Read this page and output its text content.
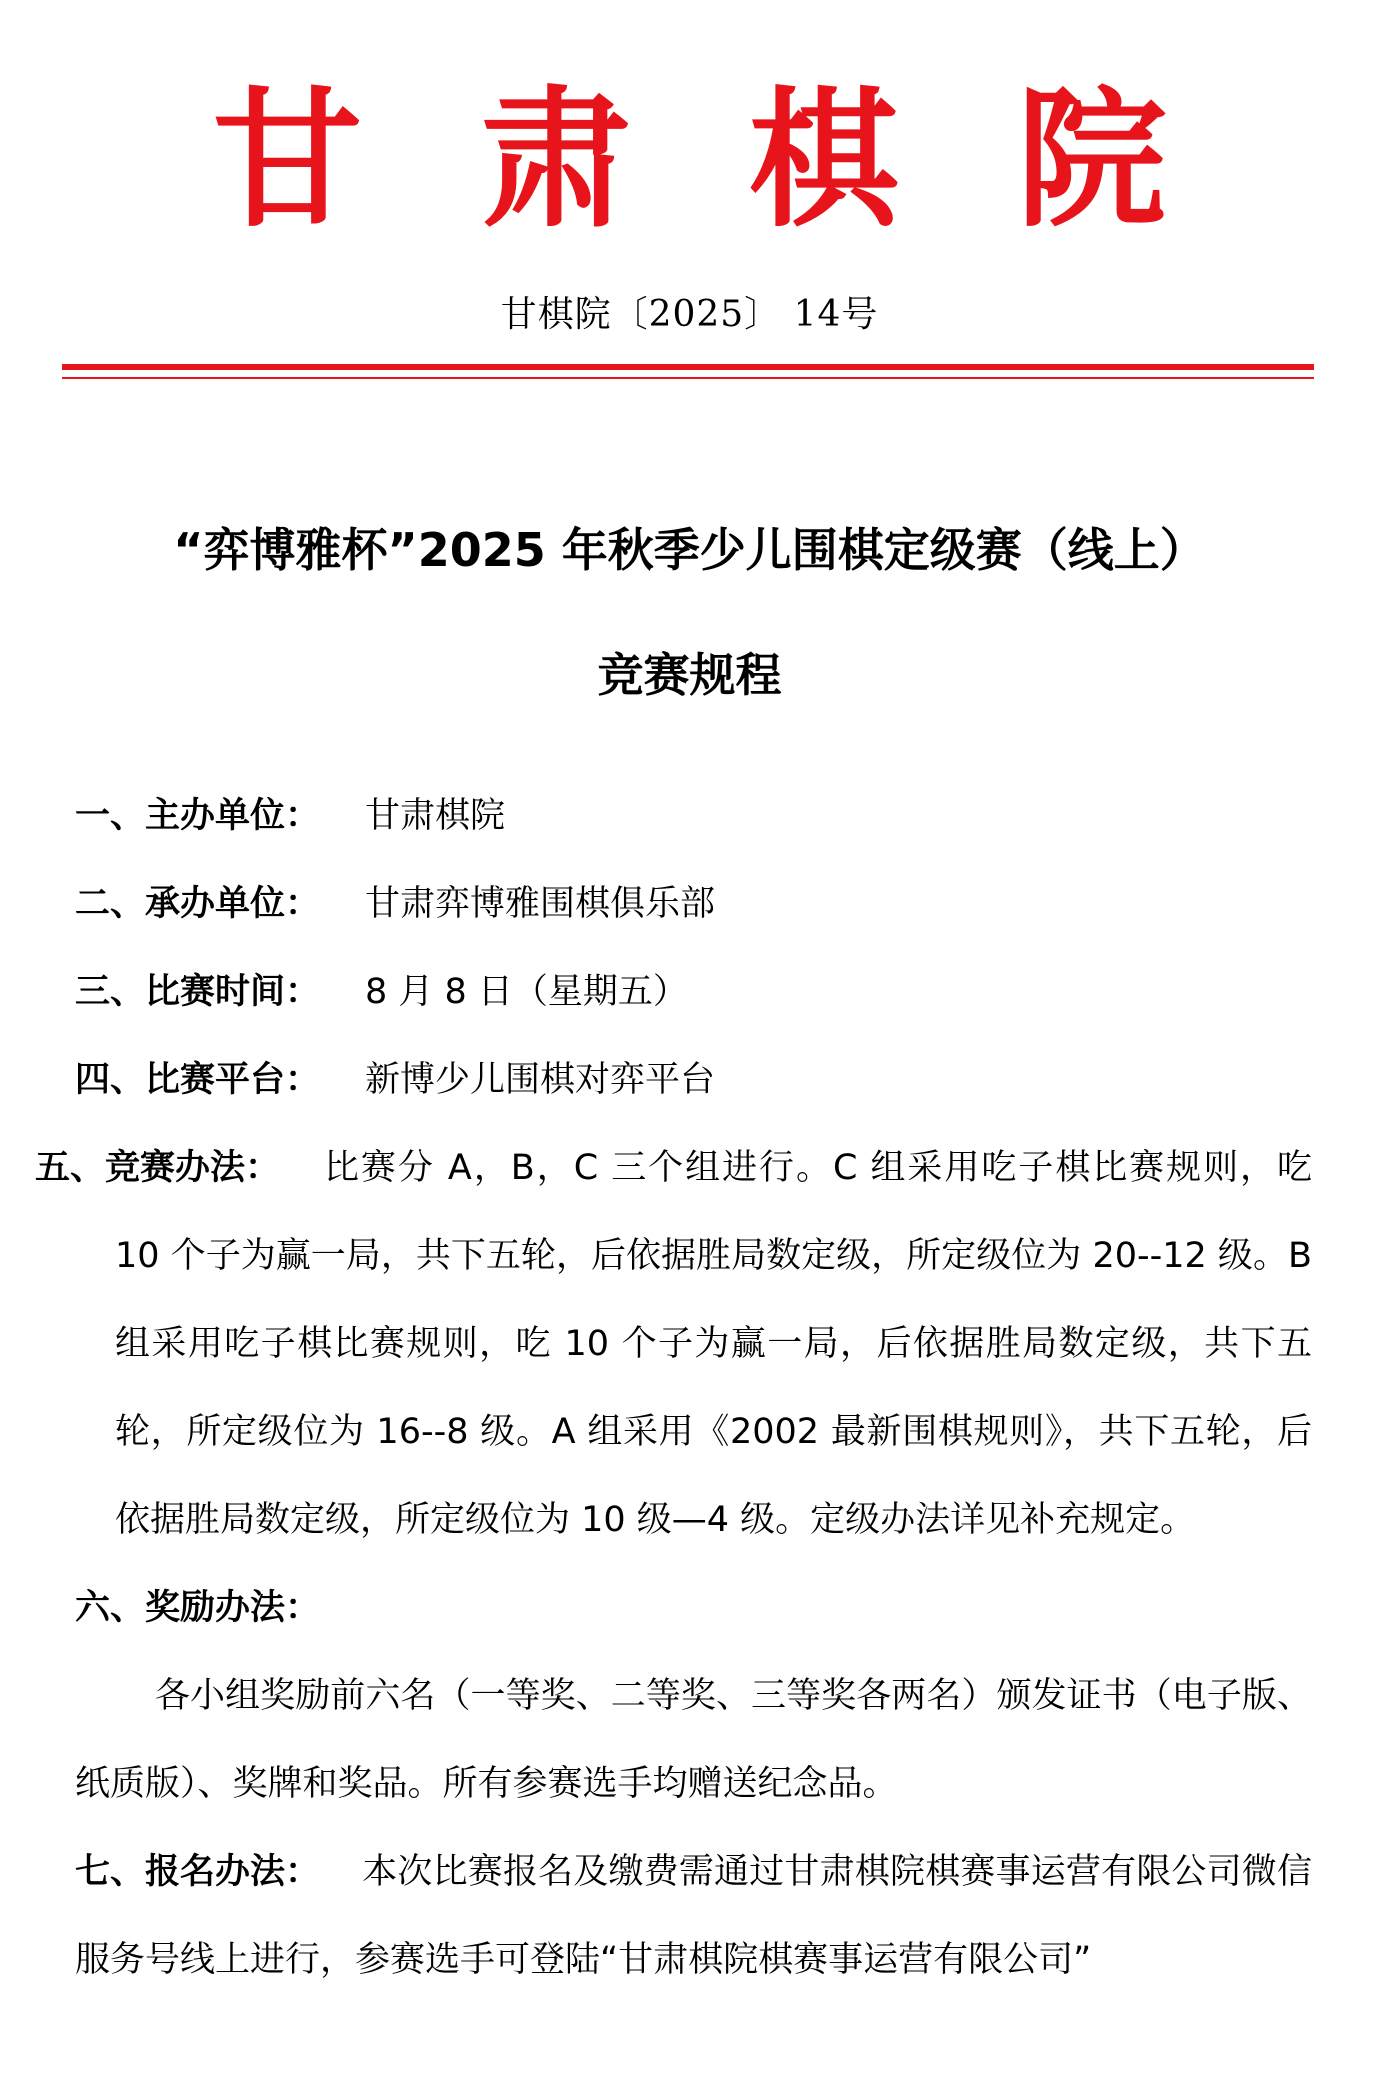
甘肃棋院
甘棋院〔2025〕 14号
“弈博雅杯”2025 年秋季少儿围棋定级赛（线上）
竞赛规程
一、主办单位： 甘肃棋院
二、承办单位： 甘肃弈博雅围棋俱乐部
三、比赛时间： 8 月 8 日（星期五）
四、比赛平台： 新博少儿围棋对弈平台
五、竞赛办法： 比赛分 A，B，C 三个组进行。C 组采用吃子棋比赛规则，吃 10 个子为赢一局，共下五轮，后依据胜局数定级，所定级位为 20--12 级。B 组采用吃子棋比赛规则，吃 10 个子为赢一局，后依据胜局数定级，共下五轮，所定级位为 16--8 级。A 组采用《2002 最新围棋规则》，共下五轮，后依据胜局数定级，所定级位为 10 级—4 级。定级办法详见补充规定。
六、奖励办法：
各小组奖励前六名（一等奖、二等奖、三等奖各两名）颁发证书（电子版、纸质版）、奖牌和奖品。所有参赛选手均赠送纪念品。
七、报名办法： 本次比赛报名及缴费需通过甘肃棋院棋赛事运营有限公司微信服务号线上进行，参赛选手可登陆“甘肃棋院棋赛事运营有限公司”
